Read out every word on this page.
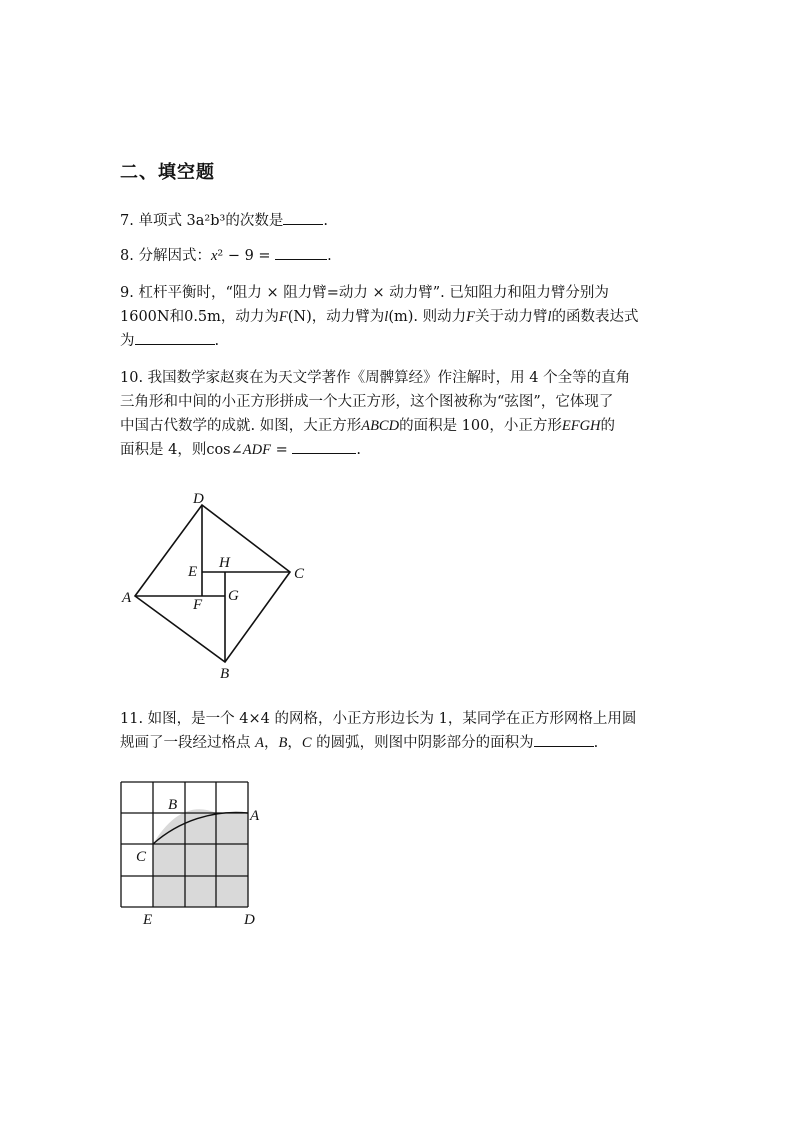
二、填空题
7. 单项式 3a²b³的次数是	.
8. 分解因式：x² − 9 =	.
9. 杠杆平衡时，“阻力 × 阻力臂=动力 × 动力臂”. 已知阻力和阻力臂分别为
1600N和0.5m，动力为F(N)，动力臂为l(m). 则动力F关于动力臂l的函数表达式
为	.
10. 我国数学家赵爽在为天文学著作《周髀算经》作注解时，用 4 个全等的直角
三角形和中间的小正方形拼成一个大正方形，这个图被称为“弦图”，它体现了
中国古代数学的成就. 如图，大正方形ABCD的面积是 100，小正方形EFGH的
面积是 4，则cos∠ADF =	.
D
C
B
A
E
H
G
F
11. 如图，是一个 4×4 的网格，小正方形边长为 1，某同学在正方形网格上用圆
规画了一段经过格点 A，B，C 的圆弧，则图中阴影部分的面积为	.
B
A
C
E	D
